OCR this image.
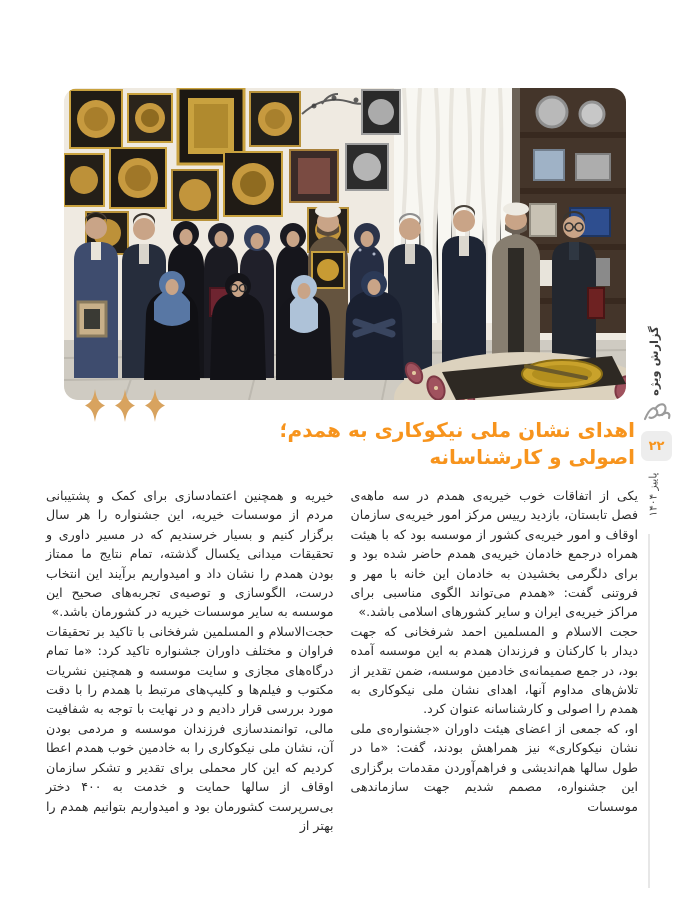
اهدای نشان ملی نیکوکاری به همدم؛
اصولی و کارشناسانه

یکی از اتفاقات خوب خیریه‌ی همدم در سه ماهه‌ی فصل تابستان، بازدید رییس مرکز امور خیریه‌ی سازمان اوقاف و امور خیریه‌ی کشور از موسسه بود که با هیئت همراه درجمع خادمان خیریه‌ی همدم حاضر شده بود و برای دلگرمی بخشیدن به خادمان این خانه با مهر و فروتنی گفت: «همدم می‌تواند الگوی مناسبی برای مراکز خیریه‌ی ایران و سایر کشورهای اسلامی باشد.»

حجت الاسلام و المسلمین احمد شرفخانی که جهت دیدار با کارکنان و فرزندان همدم به این موسسه آمده بود، در جمع صمیمانه‌ی خادمین موسسه، ضمن تقدیر از تلاش‌های مداوم آنها، اهدای نشان ملی نیکوکاری به همدم را اصولی و کارشناسانه عنوان کرد.

او، که جمعی از اعضای هیئت داوران «جشنواره‌ی ملی نشان نیکوکاری» نیز همراهش بودند، گفت: «ما در طول سالها هم‌اندیشی و فراهم‌آوردن مقدمات برگزاری این جشنواره، مصمم شدیم جهت سازماندهی موسسات

خیریه و همچنین اعتمادسازی برای کمک و پشتیبانی مردم از موسسات خیریه، این جشنواره را هر سال برگزار کنیم و بسیار خرسندیم که در مسیر داوری و تحقیقات میدانی یکسال گذشته، تمام نتایج ما ممتاز بودن همدم را نشان داد و امیدواریم برآیند این انتخاب درست، الگوسازی و توصیه‌ی تجربه‌های صحیح این موسسه به سایر موسسات خیریه در کشورمان باشد.»

حجت‌الاسلام و المسلمین شرفخانی با تاکید بر تحقیقات فراوان و مختلف داوران جشنواره تاکید کرد: «ما تمام درگاه‌های مجازی و سایت موسسه و همچنین نشریات مکتوب و فیلم‌ها و کلیپ‌های مرتبط با همدم را با دقت مورد بررسی قرار دادیم و در نهایت با توجه به شفافیت مالی، توانمندسازی فرزندان موسسه و مردمی بودن آن، نشان ملی نیکوکاری را به خادمین خوب همدم اعطا کردیم که این کار محملی برای تقدیر و تشکر سازمان اوقاف از سالها حمایت و خدمت به ۴۰۰ دختر بی‌سرپرست کشورمان بود و امیدواریم بتوانیم همدم را بهتر از

گزارش ویژه
۲۲
پاییز ۱۴۰۴
